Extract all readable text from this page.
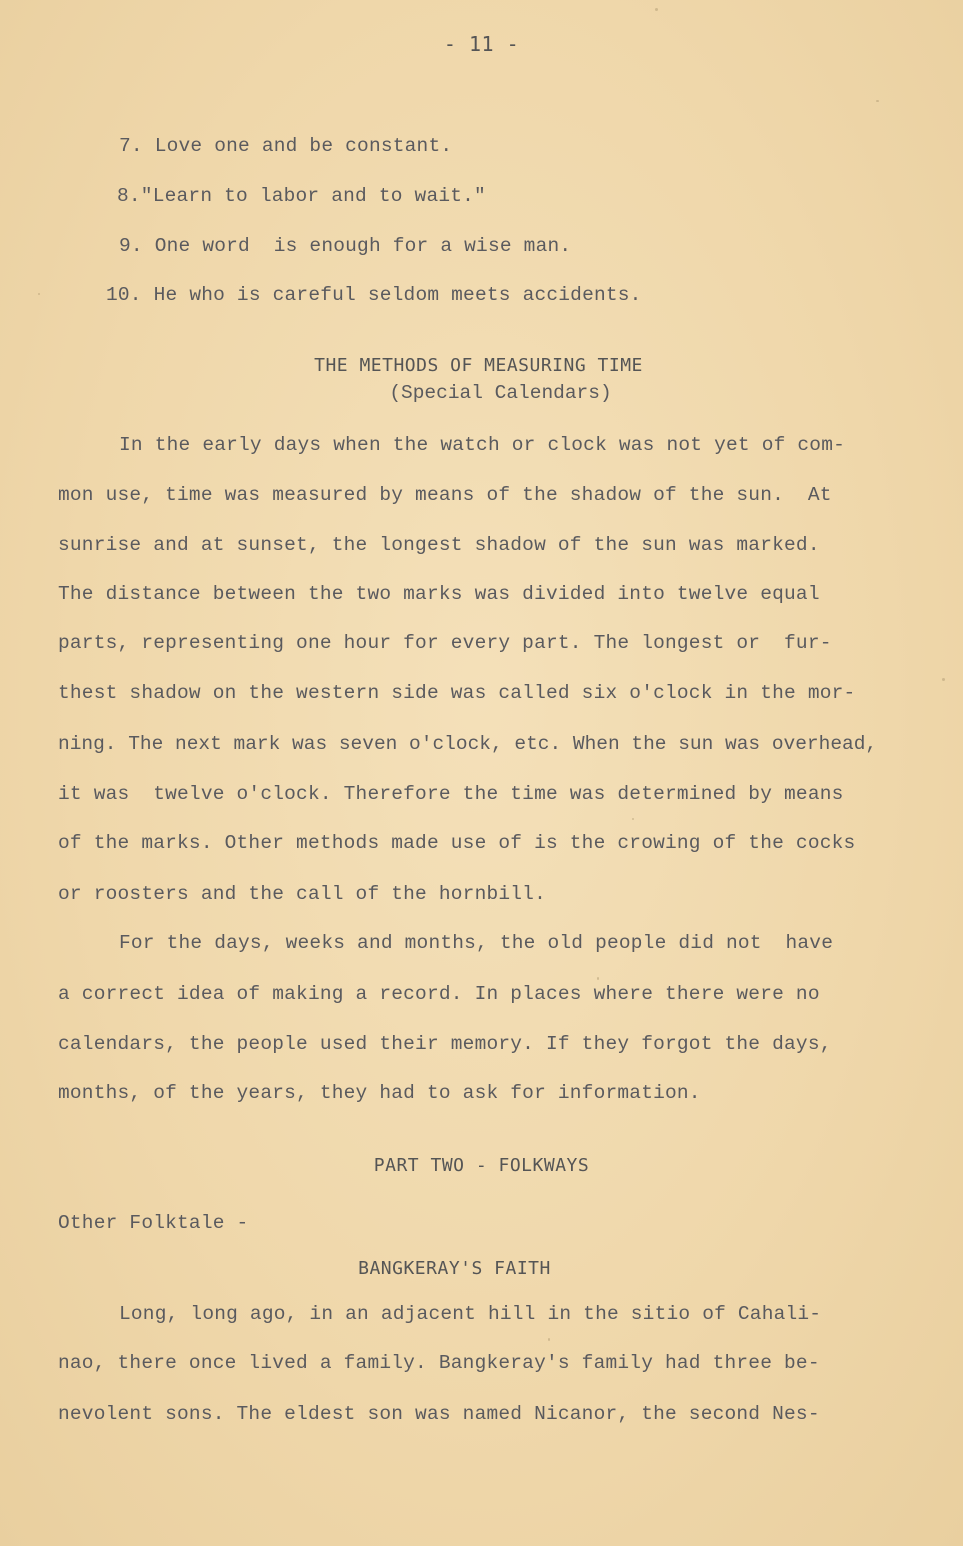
- 11 -
7. Love one and be constant.
8."Learn to labor and to wait."
9. One word  is enough for a wise man.
10. He who is careful seldom meets accidents.
THE METHODS OF MEASURING TIME
(Special Calendars)
In the early days when the watch or clock was not yet of com-
mon use, time was measured by means of the shadow of the sun.  At
sunrise and at sunset, the longest shadow of the sun was marked.
The distance between the two marks was divided into twelve equal
parts, representing one hour for every part. The longest or  fur-
thest shadow on the western side was called six o'clock in the mor-
ning. The next mark was seven o'clock, etc. When the sun was overhead,
it was  twelve o'clock. Therefore the time was determined by means
of the marks. Other methods made use of is the crowing of the cocks
or roosters and the call of the hornbill.
For the days, weeks and months, the old people did not  have
a correct idea of making a record. In places where there were no
calendars, the people used their memory. If they forgot the days,
months, of the years, they had to ask for information.
PART TWO - FOLKWAYS
Other Folktale -
BANGKERAY'S FAITH
Long, long ago, in an adjacent hill in the sitio of Cahali-
nao, there once lived a family. Bangkeray's family had three be-
nevolent sons. The eldest son was named Nicanor, the second Nes-
